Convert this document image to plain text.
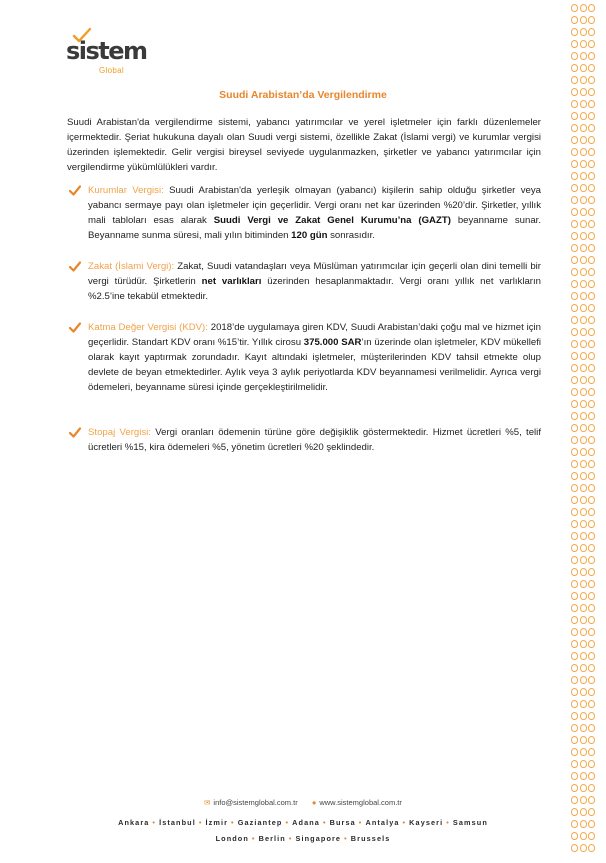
sistem
Global
Suudi Arabistan’da Vergilendirme
Suudi Arabistan'da vergilendirme sistemi, yabancı yatırımcılar ve yerel işletmeler için farklı düzenlemeler içermektedir. Şeriat hukukuna dayalı olan Suudi vergi sistemi, özellikle Zakat (İslami vergi) ve kurumlar vergisi üzerinden işlemektedir. Gelir vergisi bireysel seviyede uygulanmazken, şirketler ve yabancı yatırımcılar için vergilendirme yükümlülükleri vardır.
Kurumlar Vergisi: Suudi Arabistan'da yerleşik olmayan (yabancı) kişilerin sahip olduğu şirketler veya yabancı sermaye payı olan işletmeler için geçerlidir. Vergi oranı net kar üzerinden %20’dir. Şirketler, yıllık mali tabloları esas alarak Suudi Vergi ve Zakat Genel Kurumu’na (GAZT) beyanname sunar. Beyanname sunma süresi, mali yılın bitiminden 120 gün sonrasıdır.
Zakat (İslami Vergi): Zakat, Suudi vatandaşları veya Müslüman yatırımcılar için geçerli olan dini temelli bir vergi türüdür. Şirketlerin net varlıkları üzerinden hesaplanmaktadır. Vergi oranı yıllık net varlıkların %2.5’ine tekabül etmektedir.
Katma Değer Vergisi (KDV): 2018’de uygulamaya giren KDV, Suudi Arabistan’daki çoğu mal ve hizmet için geçerlidir. Standart KDV oranı %15’tir. Yıllık cirosu 375.000 SAR’ın üzerinde olan işletmeler, KDV mükellefi olarak kayıt yaptırmak zorundadır. Kayıt altındaki işletmeler, müşterilerinden KDV tahsil etmekte olup devlete de beyan etmektedirler. Aylık veya 3 aylık periyotlarda KDV beyannamesi verilmelidir. Ayrıca vergi ödemeleri, beyanname süresi içinde gerçekleştirilmelidir.
Stopaj Vergisi: Vergi oranları ödemenin türüne göre değişiklik göstermektedir. Hizmet ücretleri %5, telif ücretleri %15, kira ödemeleri %5, yönetim ücretleri %20 şeklindedir.
✉ info@sistemglobal.com.tr ● www.sistemglobal.com.tr
Ankara • İstanbul • İzmir • Gaziantep • Adana • Bursa • Antalya • Kayseri • Samsun
London • Berlin • Singapore • Brussels
